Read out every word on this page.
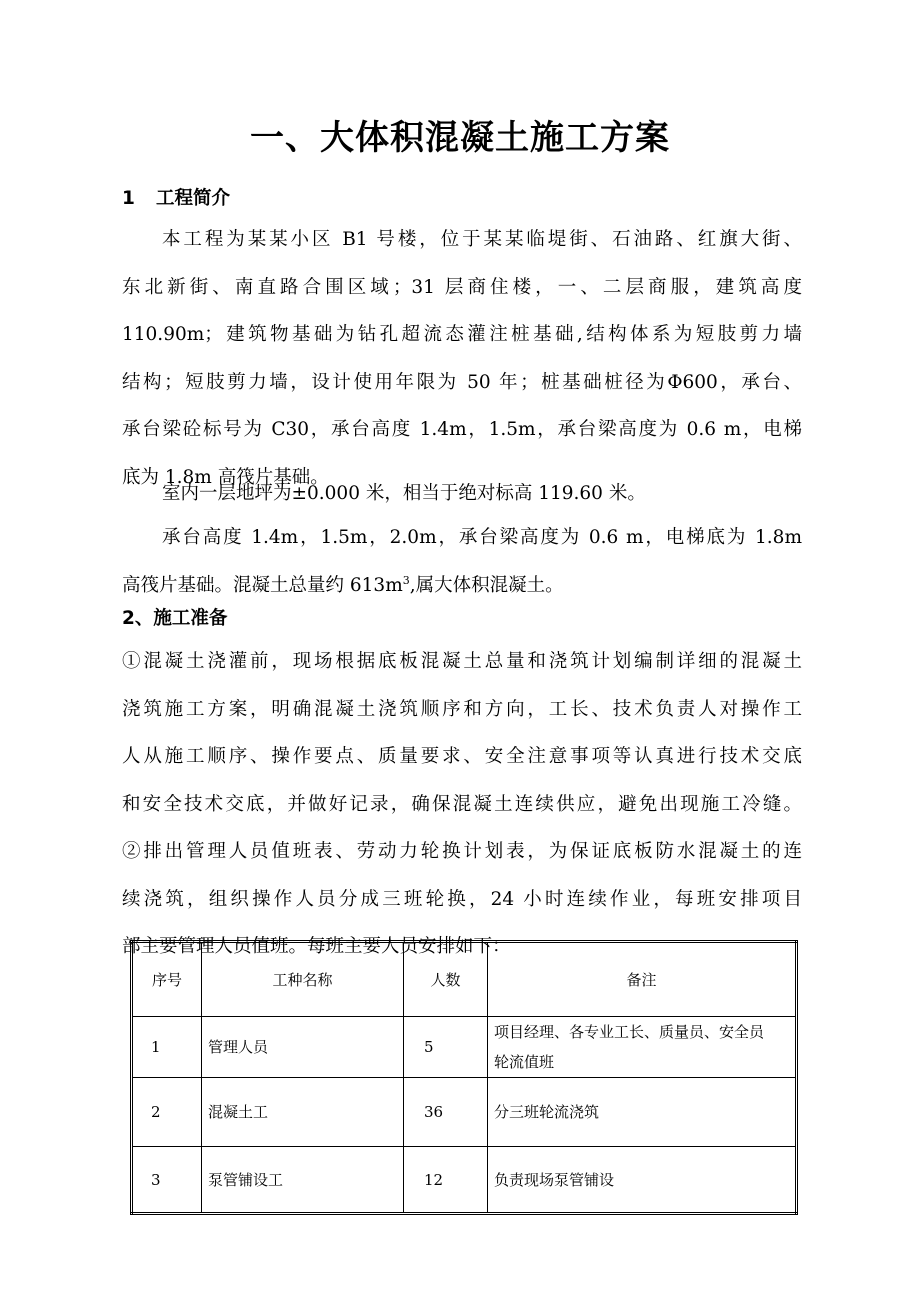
一、大体积混凝土施工方案
1 工程简介
本工程为某某小区 B1 号楼，位于某某临堤街、石油路、红旗大街、
东北新街、南直路合围区域；31 层商住楼，一、二层商服，建筑高度
110.90m；建筑物基础为钻孔超流态灌注桩基础,结构体系为短肢剪力墙
结构；短肢剪力墙，设计使用年限为 50 年；桩基础桩径为Φ600，承台、
承台梁砼标号为 C30，承台高度 1.4m，1.5m，承台梁高度为 0.6 m，电梯
底为 1.8m 高筏片基础。
室内一层地坪为±0.000 米，相当于绝对标高 119.60 米。
承台高度 1.4m，1.5m，2.0m，承台梁高度为 0.6 m，电梯底为 1.8m
高筏片基础。混凝土总量约 $613m^3$,属大体积混凝土。
2、施工准备
①混凝土浇灌前，现场根据底板混凝土总量和浇筑计划编制详细的混凝土
浇筑施工方案，明确混凝土浇筑顺序和方向，工长、技术负责人对操作工
人从施工顺序、操作要点、质量要求、安全注意事项等认真进行技术交底
和安全技术交底，并做好记录，确保混凝土连续供应，避免出现施工冷缝。
②排出管理人员值班表、劳动力轮换计划表，为保证底板防水混凝土的连
续浇筑，组织操作人员分成三班轮换，24 小时连续作业，每班安排项目
部主要管理人员值班。每班主要人员安排如下：
序号	工种名称	人数	备注
1	管理人员	5	项目经理、各专业工长、质量员、安全员
轮流值班
2	混凝土工	36	分三班轮流浇筑
3	泵管铺设工	12	负责现场泵管铺设
